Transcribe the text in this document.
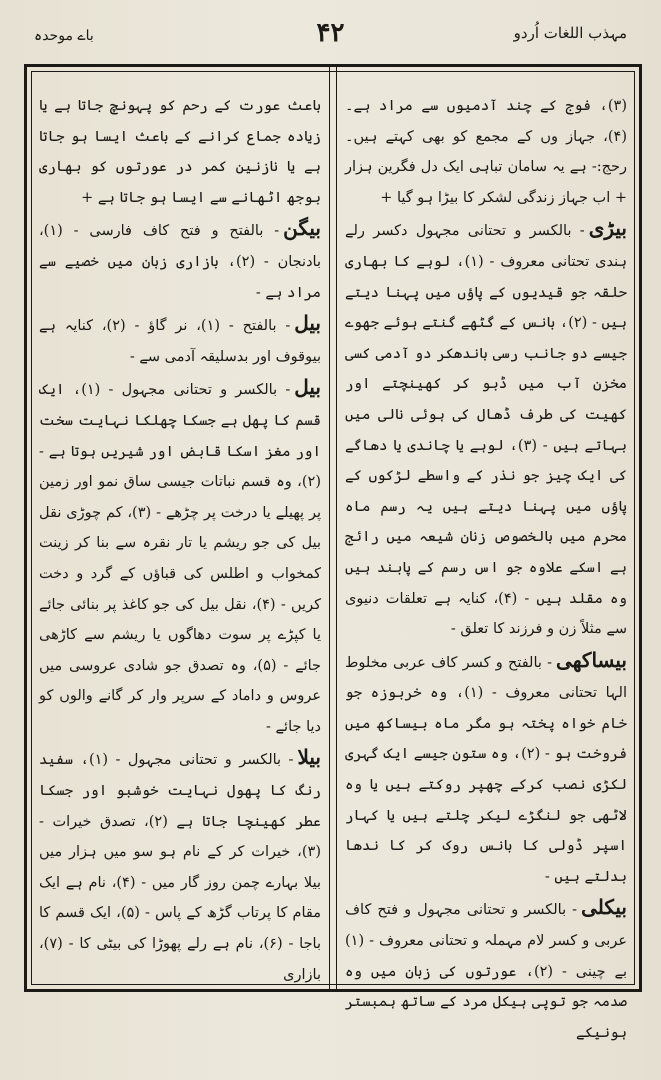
مہذب اللغات اُردو
۴۲
باے موحدہ

(۳)، فوج کے چند آدمیوں سے مراد ہے۔ (۴)، جہاز وں کے مجمع کو بھی کہتے ہیں۔ رحج:- ہے یہ سامان تباہی ایک دل فگرین ہزار + اب جہاز زندگی لشکر کا بیڑا ہو گیا +

بیڑی- بالکسر و تحتانی مجہول دکسر رلے ہندی تحتانی معروف - (۱)، لوہے کا بھاری حلقہ جو قیدیوں کے پاؤں میں پہنا دیتے ہیں - (۲)، بانس کے گٹھے گنتے ہوئے جھوے جیسے دو جانب رسی باندھکر دو آدمی کسی مخزن آب میں ڈبو کر کھینچتے اور کھیت کی طرف ڈھال کی ہوئی نالی میں بہاتے ہیں - (۳)، لوہے یا چاندی یا دھاگے کی ایک چیز جو نذر کے واسطے لڑکوں کے پاؤں میں پہنا دیتے ہیں یہ رسم ماہ محرم میں بالخصوص زنان شیعہ میں رائج ہے اسکے علاوہ جو اس رسم کے پابند ہیں وہ مقلد ہیں - (۴)، کنایہ ہے تعلقات دنیوی سے مثلاً زن و فرزند کا تعلق -

بیساکھی- بالفتح و کسر کاف عربی مخلوط الہا تحتانی معروف - (۱)، وہ خربوزہ جو خام خواہ پختہ ہو مگر ماہ بیساکھ میں فروخت ہو - (۲)، وہ ستون جیسے ایک گہری لکڑی نصب کرکے چھپر روکتے ہیں یا وہ لاٹھی جو لنگڑے لیکر چلتے ہیں یا کہار اسپر ڈولی کا بانس روک کر کا ندھا بدلتے ہیں -

بیکلی- بالکسر و تحتانی مجہول و فتح کاف عربی و کسر لام مہملہ و تحتانی معروف - (۱) بے چینی - (۲)، عورتوں کی زبان میں وہ صدمہ جو توپی ہیکل مرد کے ساتھ ہمبستر ہونیکے

باعث عورت کے رحم کو پہونچ جاتا ہے یا زیادہ جماع کرانے کے باعث ایسا ہو جاتا ہے یا نازنین کمر در عورتوں کو بھاری بوجھ اٹھانے سے ایسا ہو جاتا ہے +

بیگن- بالفتح و فتح کاف فارسی - (۱)، بادنجان - (۲)، بازاری زبان میں خصیے سے مراد ہے -

بیل- بالفتح - (۱)، نر گاؤ - (۲)، کنایہ ہے بیوقوف اور بدسلیقہ آدمی سے -

بیل- بالکسر و تحتانی مجہول - (۱)، ایک قسم کا پھل ہے جسکا چھلکا نہایت سخت اور مغز اسکا قابض اور شیریں ہوتا ہے - (۲)، وہ قسم نباتات جیسی ساق نمو اور زمین پر پھیلے یا درخت پر چڑھے - (۳)، کم چوڑی نقل بیل کی جو ریشم یا تار نقرہ سے بنا کر زینت کمخواب و اطلس کی قباؤں کے گرد و دخت کریں - (۴)، نقل بیل کی جو کاغذ پر بنائی جائے یا کپڑے پر سوت دھاگوں یا ریشم سے کاڑھی جائے - (۵)، وہ تصدق جو شادی عروسی میں عروس و داماد کے سرپر وار کر گانے والوں کو دیا جائے -

بیلا- بالکسر و تحتانی مجہول - (۱)، سفید رنگ کا پھول نہایت خوشبو اور جسکا عطر کھینچا جاتا ہے (۲)، تصدق خیرات - (۳)، خیرات کر کے نام ہو سو میں ہزار میں بیلا بہارے چمن روز گار میں - (۴)، نام ہے ایک مقام کا پرتاب گڑھ کے پاس - (۵)، ایک قسم کا باجا - (۶)، نام ہے رلے پھوڑا کی بیٹی کا - (۷)، بازاری
